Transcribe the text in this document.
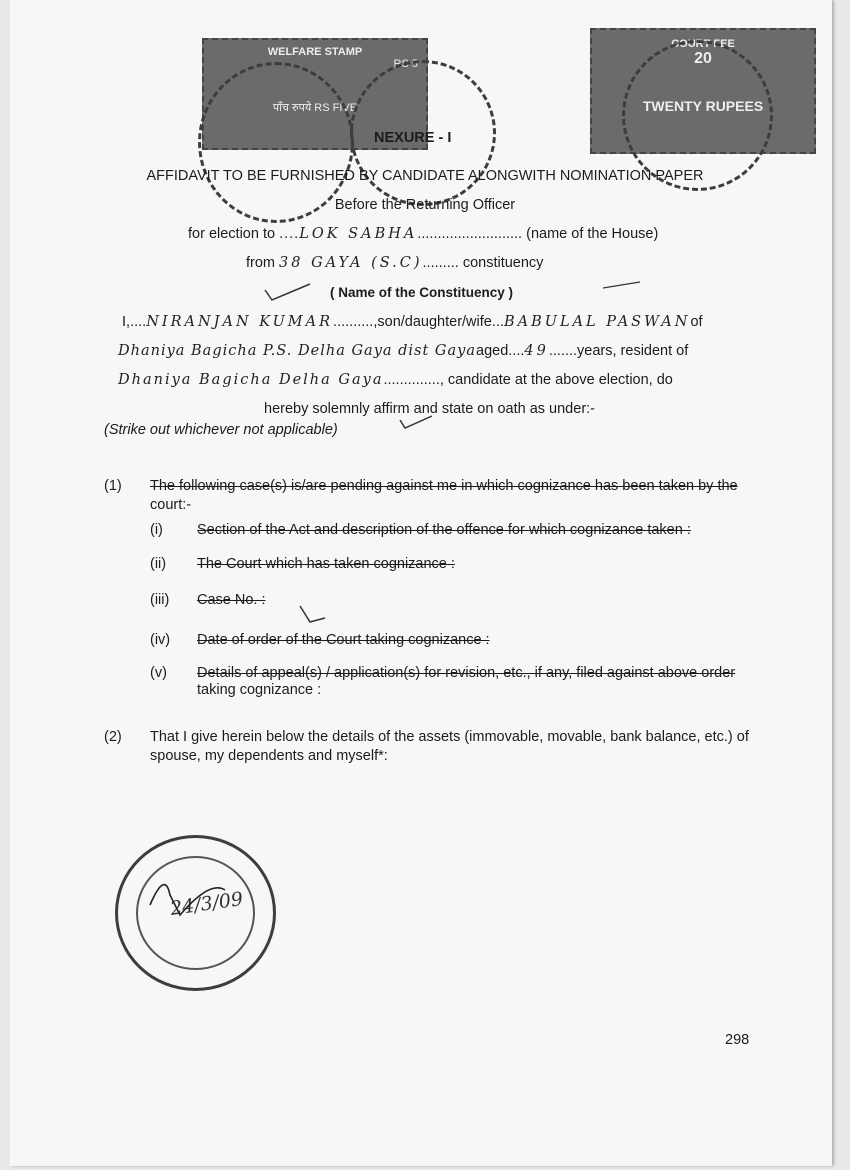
WELFARE STAMP
RS 5
पाँच रुपये RS FIVE
COURT FEE
20
TWENTY RUPEES
NEXURE - I
AFFIDAVIT TO BE FURNISHED BY CANDIDATE ALONGWITH NOMINATION PAPER
Before the Returning Officer
for election to ....LOK SABHA.......................... (name of the House)
from 38 GAYA (S.C)......... constituency
( Name of the Constituency )
I,....NIRANJAN KUMAR..........,son/daughter/wife...BABULAL PASWANof
Dhaniya Bagicha P.S. Delha Gaya dist Gayaaged....49.......years, resident of
Dhaniya Bagicha Delha Gaya.............., candidate at the above election, do
hereby solemnly affirm and state on oath as under:-
(Strike out whichever not applicable)
(1) The following case(s) is/are pending against me in which cognizance has been taken by the
court:-
(i) Section of the Act and description of the offence for which cognizance taken :
(ii) The Court which has taken cognizance :
(iii) Case No. :
(iv) Date of order of the Court taking cognizance :
(v) Details of appeal(s) / application(s) for revision, etc., if any, filed against above order
taking cognizance :
(2) That I give herein below the details of the assets (immovable, movable, bank balance, etc.) of
spouse, my dependents and myself*:
24/3/09
298
